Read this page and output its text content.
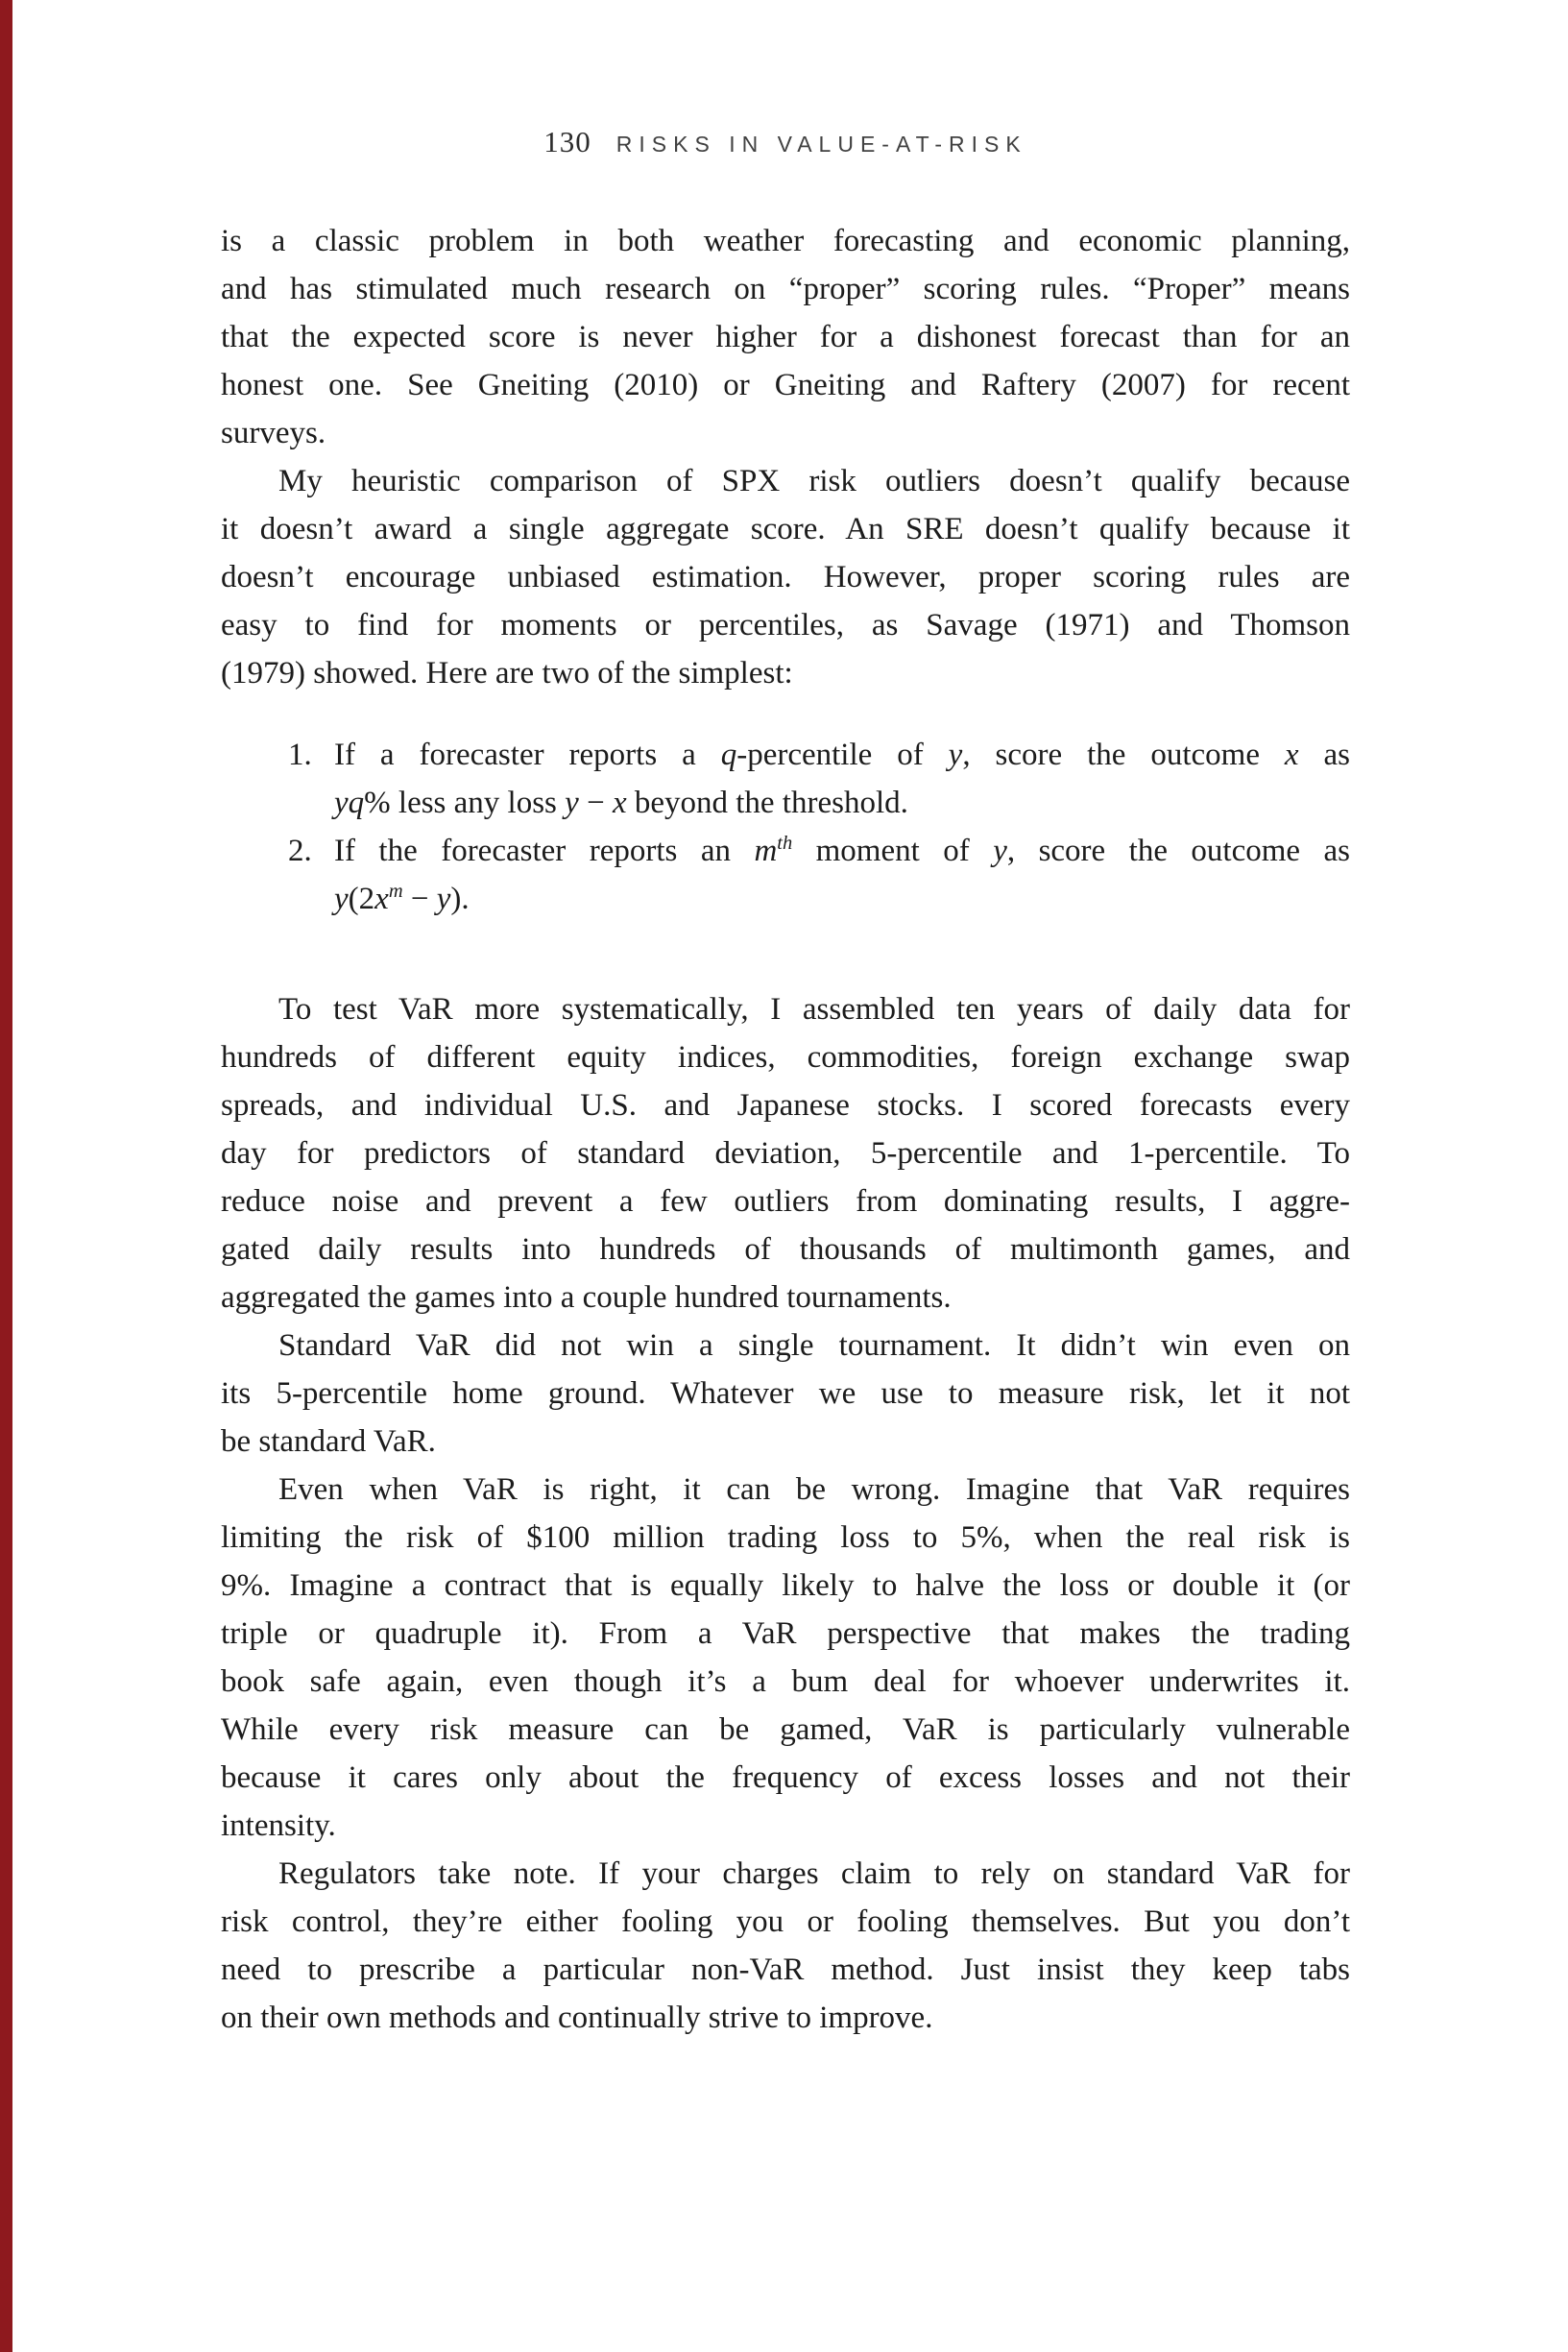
130 RISKS IN VALUE-AT-RISK
is a classic problem in both weather forecasting and economic planning,
and has stimulated much research on “proper” scoring rules. “Proper” means
that the expected score is never higher for a dishonest forecast than for an
honest one. See Gneiting (2010) or Gneiting and Raftery (2007) for recent
surveys.
My heuristic comparison of SPX risk outliers doesn’t qualify because
it doesn’t award a single aggregate score. An SRE doesn’t qualify because it
doesn’t encourage unbiased estimation. However, proper scoring rules are
easy to find for moments or percentiles, as Savage (1971) and Thomson
(1979) showed. Here are two of the simplest:
1. If a forecaster reports a q-percentile of y, score the outcome x as
yq% less any loss y − x beyond the threshold.
2. If the forecaster reports an $m^{th}$ moment of y, score the outcome as
$y(2x^m - y)$.
To test VaR more systematically, I assembled ten years of daily data for
hundreds of different equity indices, commodities, foreign exchange swap
spreads, and individual U.S. and Japanese stocks. I scored forecasts every
day for predictors of standard deviation, 5-percentile and 1-percentile. To
reduce noise and prevent a few outliers from dominating results, I aggre-
gated daily results into hundreds of thousands of multimonth games, and
aggregated the games into a couple hundred tournaments.
Standard VaR did not win a single tournament. It didn’t win even on
its 5-percentile home ground. Whatever we use to measure risk, let it not
be standard VaR.
Even when VaR is right, it can be wrong. Imagine that VaR requires
limiting the risk of $100 million trading loss to 5%, when the real risk is
9%. Imagine a contract that is equally likely to halve the loss or double it (or
triple or quadruple it). From a VaR perspective that makes the trading
book safe again, even though it’s a bum deal for whoever underwrites it.
While every risk measure can be gamed, VaR is particularly vulnerable
because it cares only about the frequency of excess losses and not their
intensity.
Regulators take note. If your charges claim to rely on standard VaR for
risk control, they’re either fooling you or fooling themselves. But you don’t
need to prescribe a particular non-VaR method. Just insist they keep tabs
on their own methods and continually strive to improve.
